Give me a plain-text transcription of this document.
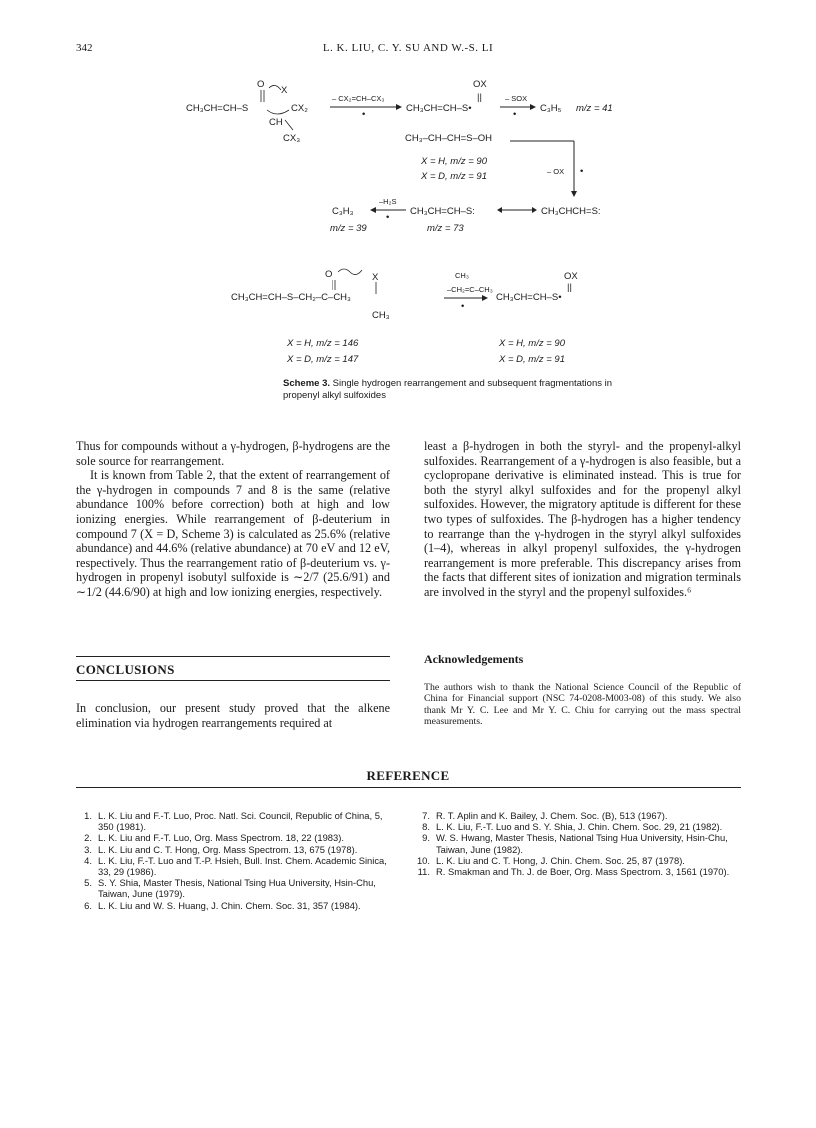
342	L. K. LIU, C. Y. SU AND W.-S. LI
O
X
CH₃CH=CH–S	CX₂
CH
CX₃
– CX₂=CH–CX₃
•
OX
||
CH₃CH=CH–S•
– SOX
•
C₃H₅ m/z = 41
CH₃–CH–CH=S–OH
– OX •
X = H, m/z = 90
X = D, m/z = 91
C₃H₃
m/z = 39
–H₂S
•
CH₃CH=CH–S:
m/z = 73
CH₃CHCH=S:
O	X
CH₃CH=CH–S–CH₂–C–CH₃
CH₃
CH₃
–CH₂=C–CH₃
•
OX
||
CH₃CH=CH–S•
X = H, m/z = 146
X = D, m/z = 147
X = H, m/z = 90
X = D, m/z = 91
Scheme 3. Single hydrogen rearrangement and subsequent fragmentations in propenyl alkyl sulfoxides

Thus for compounds without a γ-hydrogen, β-hydrogens are the sole source for rearrangement.

It is known from Table 2, that the extent of rearrangement of the γ-hydrogen in compounds 7 and 8 is the same (relative abundance 100% before correction) both at high and low ionizing energies. While rearrangement of β-deuterium in compound 7 (X = D, Scheme 3) is calculated as 25.6% (relative abundance) and 44.6% (relative abundance) at 70 eV and 12 eV, respectively. Thus the rearrangement ratio of β-deuterium vs. γ-hydrogen in propenyl isobutyl sulfoxide is ∼2/7 (25.6/91) and ∼1/2 (44.6/90) at high and low ionizing energies, respectively.

least a β-hydrogen in both the styryl- and the propenyl-alkyl sulfoxides. Rearrangement of a γ-hydrogen is also feasible, but a cyclopropane derivative is eliminated instead. This is true for both the styryl alkyl sulfoxides and for the propenyl alkyl sulfoxides. However, the migratory aptitude is different for these two types of sulfoxides. The β-hydrogen has a higher tendency to rearrange than the γ-hydrogen in the styryl alkyl sulfoxides (1–4), whereas in alkyl propenyl sulfoxides, the γ-hydrogen rearrangement is more preferable. This discrepancy arises from the facts that different sites of ionization and migration terminals are involved in the styryl and the propenyl sulfoxides.⁶

CONCLUSIONS
In conclusion, our present study proved that the alkene elimination via hydrogen rearrangements required at
Acknowledgements
The authors wish to thank the National Science Council of the Republic of China for Financial support (NSC 74-0208-M003-08) of this study. We also thank Mr Y. C. Lee and Mr Y. C. Chiu for carrying out the mass spectral measurements.
REFERENCE
1. L. K. Liu and F.-T. Luo, Proc. Natl. Sci. Council, Republic of China, 5, 350 (1981).
2. L. K. Liu and F.-T. Luo, Org. Mass Spectrom. 18, 22 (1983).
3. L. K. Liu and C. T. Hong, Org. Mass Spectrom. 13, 675 (1978).
4. L. K. Liu, F.-T. Luo and T.-P. Hsieh, Bull. Inst. Chem. Academic Sinica, 33, 29 (1986).
5. S. Y. Shia, Master Thesis, National Tsing Hua University, Hsin-Chu, Taiwan, June (1979).
6. L. K. Liu and W. S. Huang, J. Chin. Chem. Soc. 31, 357 (1984).
7. R. T. Aplin and K. Bailey, J. Chem. Soc. (B), 513 (1967).
8. L. K. Liu, F.-T. Luo and S. Y. Shia, J. Chin. Chem. Soc. 29, 21 (1982).
9. W. S. Hwang, Master Thesis, National Tsing Hua University, Hsin-Chu, Taiwan, June (1982).
10. L. K. Liu and C. T. Hong, J. Chin. Chem. Soc. 25, 87 (1978).
11. R. Smakman and Th. J. de Boer, Org. Mass Spectrom. 3, 1561 (1970).
